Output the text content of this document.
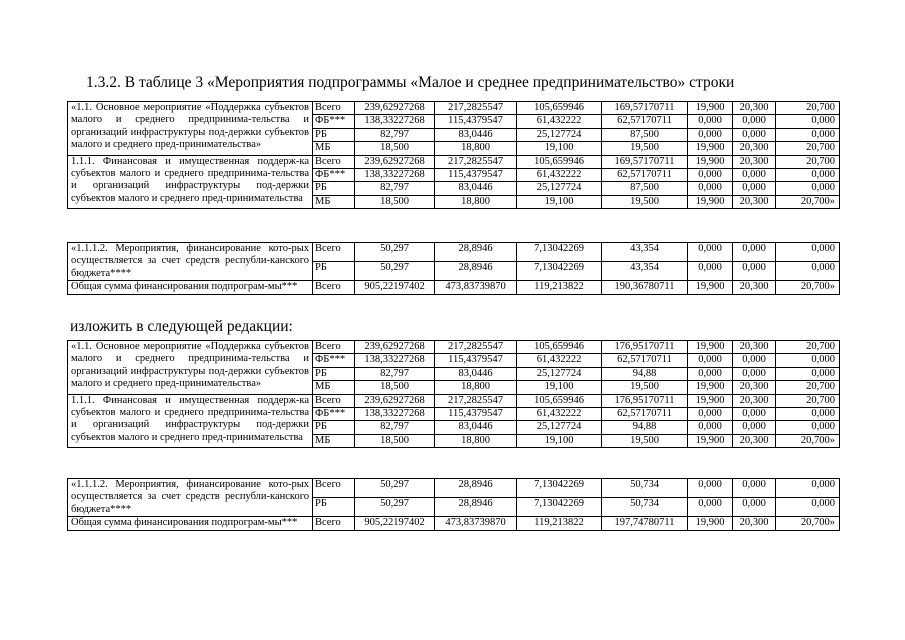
1.3.2. В таблице 3 «Мероприятия подпрограммы «Малое и среднее предпринимательство» строки
«1.1. Основное мероприятие «Поддержка субъектов малого и среднего предпринима-тельства и организаций инфраструктуры под-держки субъектов малого и среднего пред-принимательства»	Всего	239,62927268	217,2825547	105,659946	169,57170711	19,900	20,300	20,700
	ФБ***	138,33227268	115,4379547	61,432222	62,57170711	0,000	0,000	0,000
	РБ	82,797	83,0446	25,127724	87,500	0,000	0,000	0,000
	МБ	18,500	18,800	19,100	19,500	19,900	20,300	20,700
1.1.1. Финансовая и имущественная поддерж-ка субъектов малого и среднего предпринима-тельства и организаций инфраструктуры под-держки субъектов малого и среднего пред-принимательства	Всего	239,62927268	217,2825547	105,659946	169,57170711	19,900	20,300	20,700
	ФБ***	138,33227268	115,4379547	61,432222	62,57170711	0,000	0,000	0,000
	РБ	82,797	83,0446	25,127724	87,500	0,000	0,000	0,000
	МБ	18,500	18,800	19,100	19,500	19,900	20,300	20,700»
«1.1.1.2. Мероприятия, финансирование кото-рых осуществляется за счет средств республи-канского бюджета****	Всего	50,297	28,8946	7,13042269	43,354	0,000	0,000	0,000
	РБ	50,297	28,8946	7,13042269	43,354	0,000	0,000	0,000
Общая сумма финансирования подпрограм-мы***	Всего	905,22197402	473,83739870	119,213822	190,36780711	19,900	20,300	20,700»
изложить в следующей редакции:
«1.1. Основное мероприятие «Поддержка субъектов малого и среднего предпринима-тельства и организаций инфраструктуры под-держки субъектов малого и среднего пред-принимательства»	Всего	239,62927268	217,2825547	105,659946	176,95170711	19,900	20,300	20,700
	ФБ***	138,33227268	115,4379547	61,432222	62,57170711	0,000	0,000	0,000
	РБ	82,797	83,0446	25,127724	94,88	0,000	0,000	0,000
	МБ	18,500	18,800	19,100	19,500	19,900	20,300	20,700
1.1.1. Финансовая и имущественная поддерж-ка субъектов малого и среднего предпринима-тельства и организаций инфраструктуры под-держки субъектов малого и среднего пред-принимательства	Всего	239,62927268	217,2825547	105,659946	176,95170711	19,900	20,300	20,700
	ФБ***	138,33227268	115,4379547	61,432222	62,57170711	0,000	0,000	0,000
	РБ	82,797	83,0446	25,127724	94,88	0,000	0,000	0,000
	МБ	18,500	18,800	19,100	19,500	19,900	20,300	20,700»
«1.1.1.2. Мероприятия, финансирование кото-рых осуществляется за счет средств республи-канского бюджета****	Всего	50,297	28,8946	7,13042269	50,734	0,000	0,000	0,000
	РБ	50,297	28,8946	7,13042269	50,734	0,000	0,000	0,000
Общая сумма финансирования подпрограм-мы***	Всего	905,22197402	473,83739870	119,213822	197,74780711	19,900	20,300	20,700»
